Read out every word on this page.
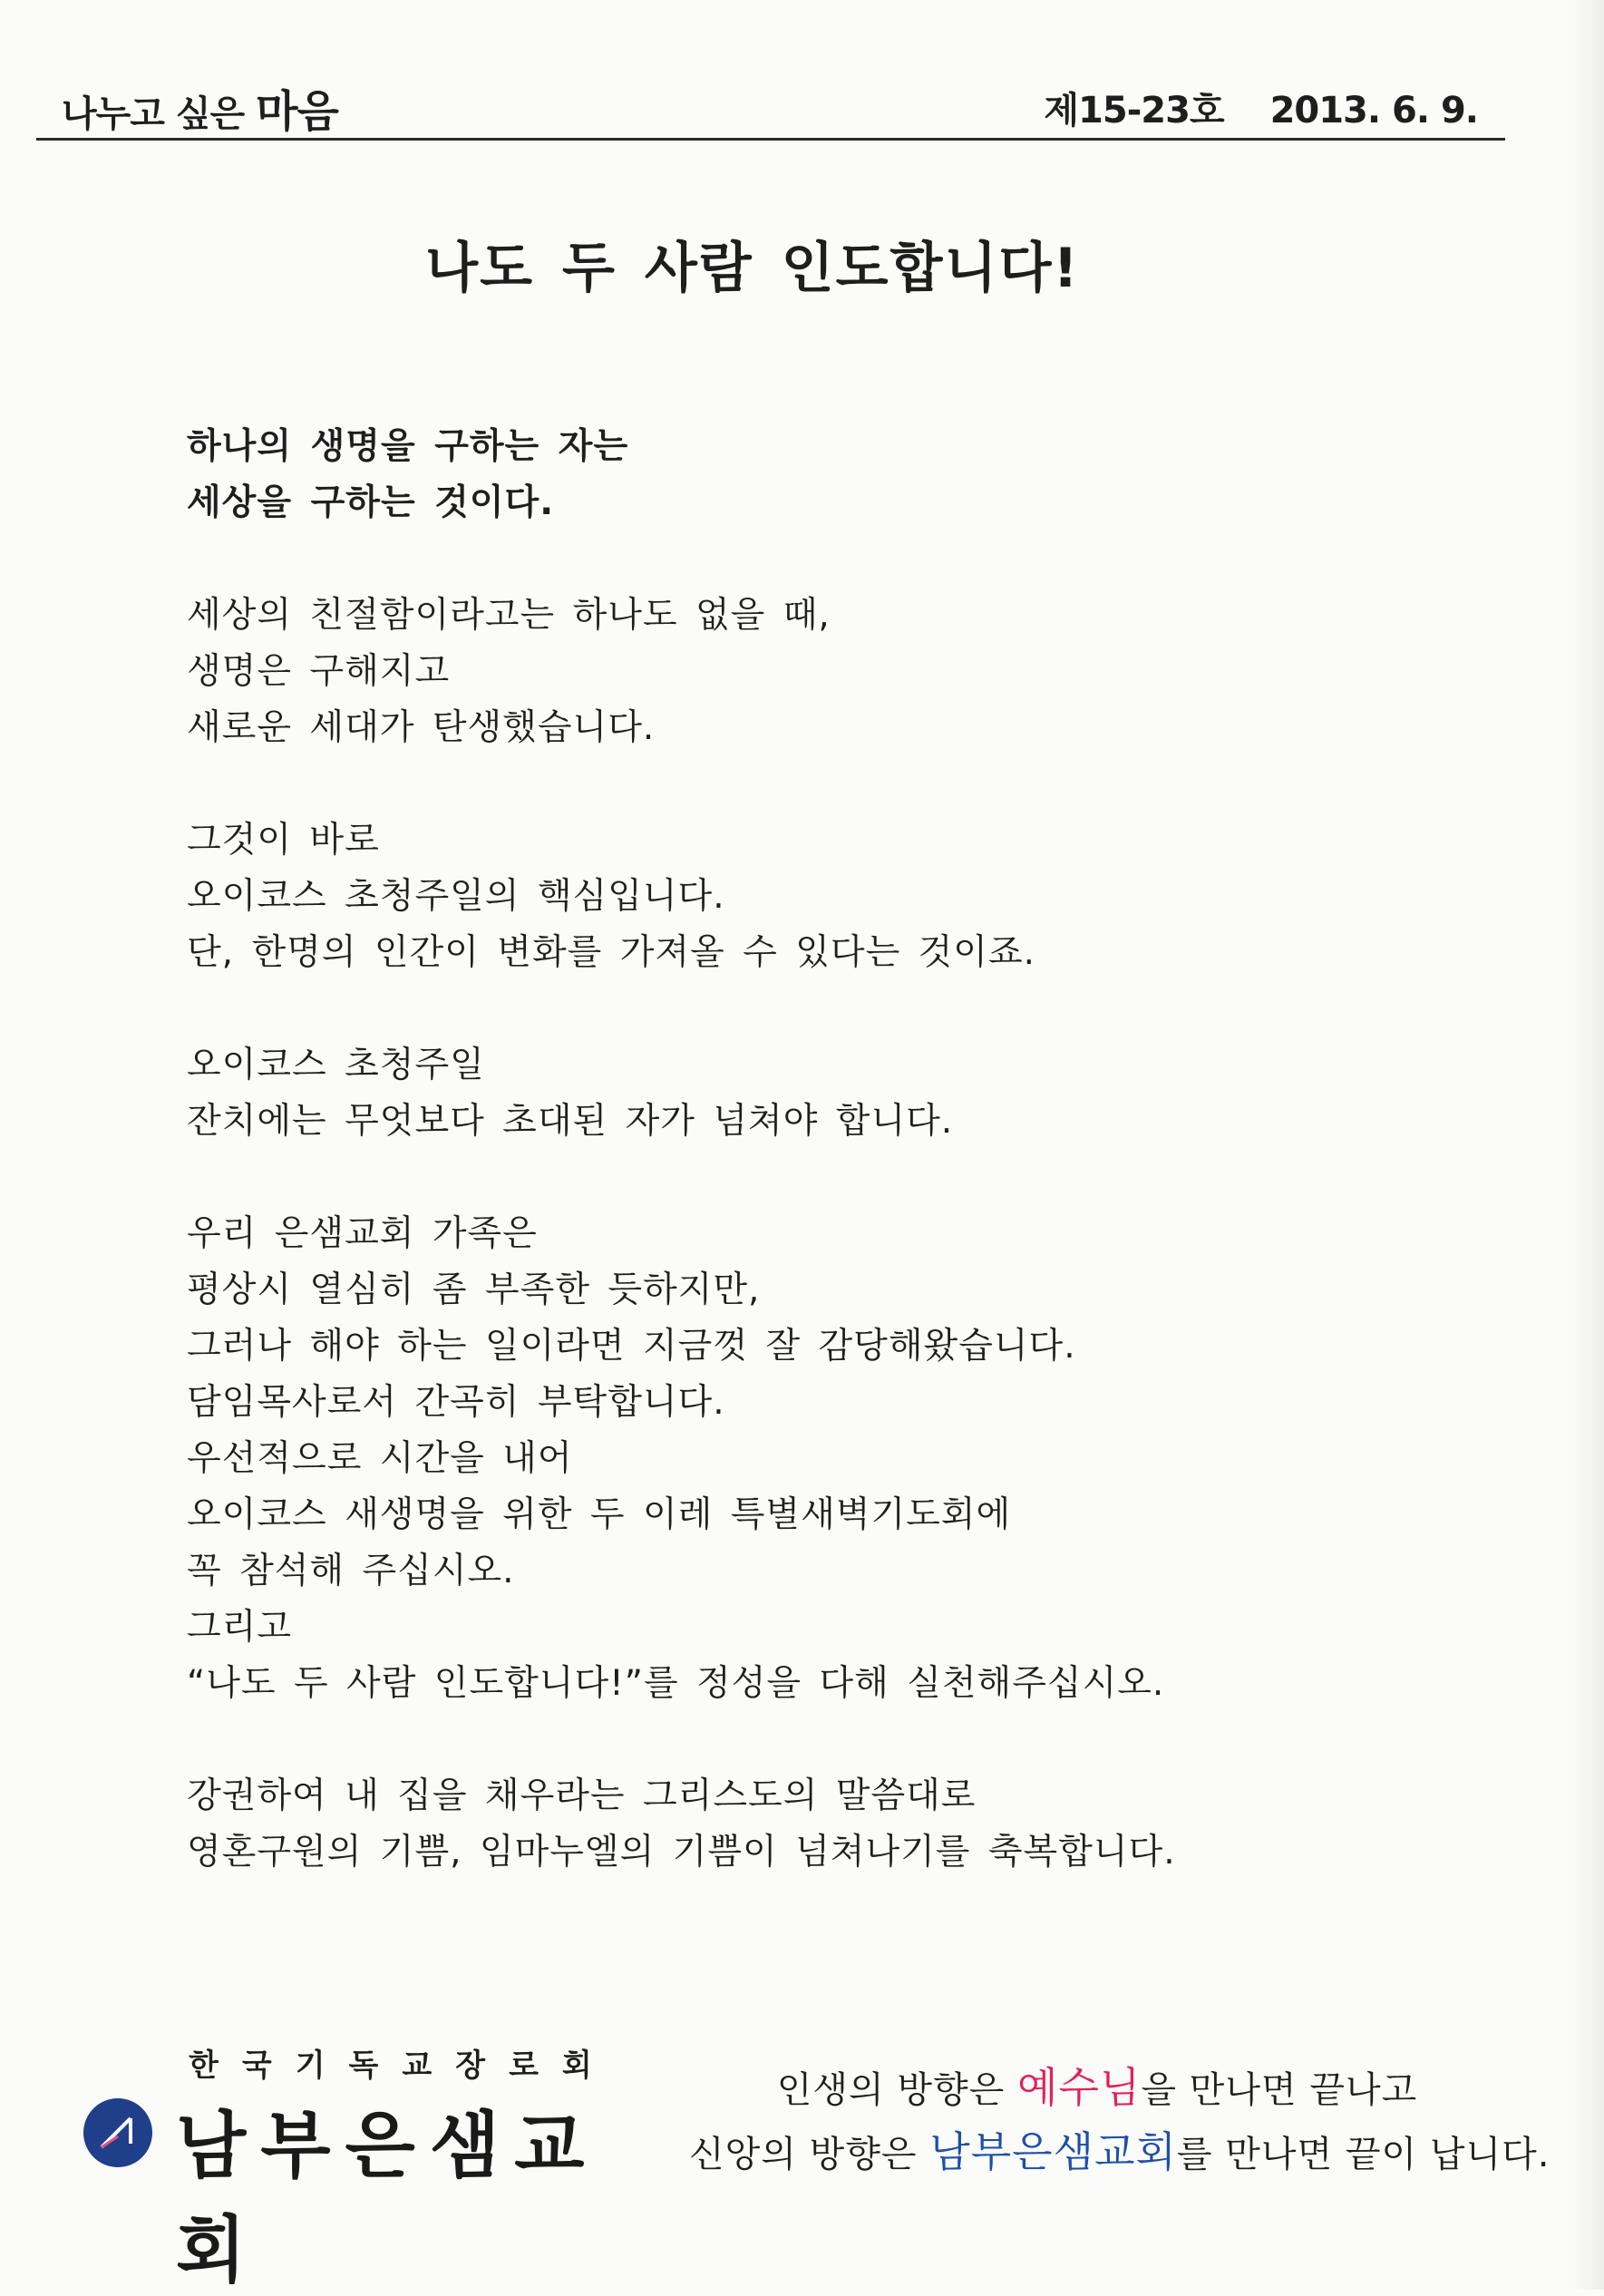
나누고 싶은 마음	제15-23호 2013. 6. 9.
나도 두 사람 인도합니다!
하나의 생명을 구하는 자는
세상을 구하는 것이다.
세상의 친절함이라고는 하나도 없을 때,
생명은 구해지고
새로운 세대가 탄생했습니다.
그것이 바로
오이코스 초청주일의 핵심입니다.
단, 한명의 인간이 변화를 가져올 수 있다는 것이죠.
오이코스 초청주일
잔치에는 무엇보다 초대된 자가 넘쳐야 합니다.
우리 은샘교회 가족은
평상시 열심히 좀 부족한 듯하지만,
그러나 해야 하는 일이라면 지금껏 잘 감당해왔습니다.
담임목사로서 간곡히 부탁합니다.
우선적으로 시간을 내어
오이코스 새생명을 위한 두 이레 특별새벽기도회에
꼭 참석해 주십시오.
그리고
“나도 두 사람 인도합니다!”를 정성을 다해 실천해주십시오.
강권하여 내 집을 채우라는 그리스도의 말씀대로
영혼구원의 기쁨, 임마누엘의 기쁨이 넘쳐나기를 축복합니다.
한국기독교장로회
남부은샘교회
인생의 방향은 예수님을 만나면 끝나고
신앙의 방향은 남부은샘교회를 만나면 끝이 납니다.
